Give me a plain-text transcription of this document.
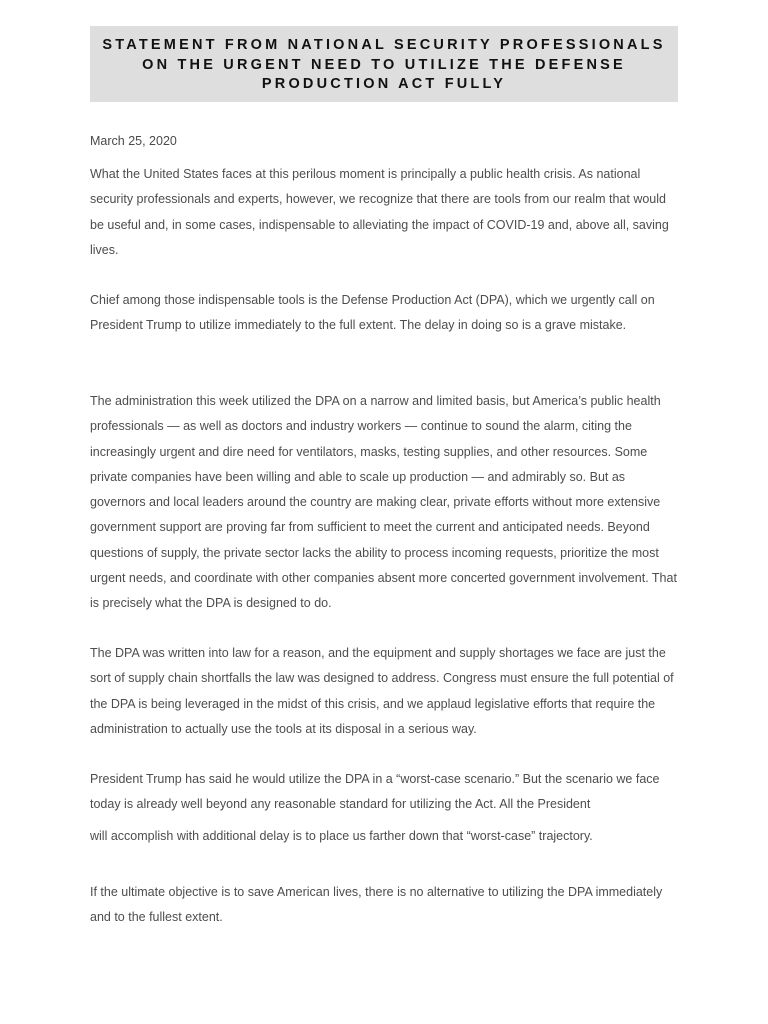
STATEMENT FROM NATIONAL SECURITY PROFESSIONALS
ON THE URGENT NEED TO UTILIZE THE DEFENSE
PRODUCTION ACT FULLY
March 25, 2020

What the United States faces at this perilous moment is principally a public health crisis. As national security professionals and experts, however, we recognize that there are tools from our realm that would be useful and, in some cases, indispensable to alleviating the impact of COVID-19 and, above all, saving lives.

Chief among those indispensable tools is the Defense Production Act (DPA), which we urgently call on President Trump to utilize immediately to the full extent. The delay in doing so is a grave mistake.

The administration this week utilized the DPA on a narrow and limited basis, but America’s public health professionals — as well as doctors and industry workers — continue to sound the alarm, citing the increasingly urgent and dire need for ventilators, masks, testing supplies, and other resources. Some private companies have been willing and able to scale up production — and admirably so. But as governors and local leaders around the country are making clear, private efforts without more extensive government support are proving far from sufficient to meet the current and anticipated needs. Beyond questions of supply, the private sector lacks the ability to process incoming requests, prioritize the most urgent needs, and coordinate with other companies absent more concerted government involvement. That is precisely what the DPA is designed to do.

The DPA was written into law for a reason, and the equipment and supply shortages we face are just the sort of supply chain shortfalls the law was designed to address. Congress must ensure the full potential of the DPA is being leveraged in the midst of this crisis, and we applaud legislative efforts that require the administration to actually use the tools at its disposal in a serious way.

President Trump has said he would utilize the DPA in a “worst-case scenario.” But the scenario we face today is already well beyond any reasonable standard for utilizing the Act. All the President

will accomplish with additional delay is to place us farther down that “worst-case” trajectory.

If the ultimate objective is to save American lives, there is no alternative to utilizing the DPA immediately and to the fullest extent.
